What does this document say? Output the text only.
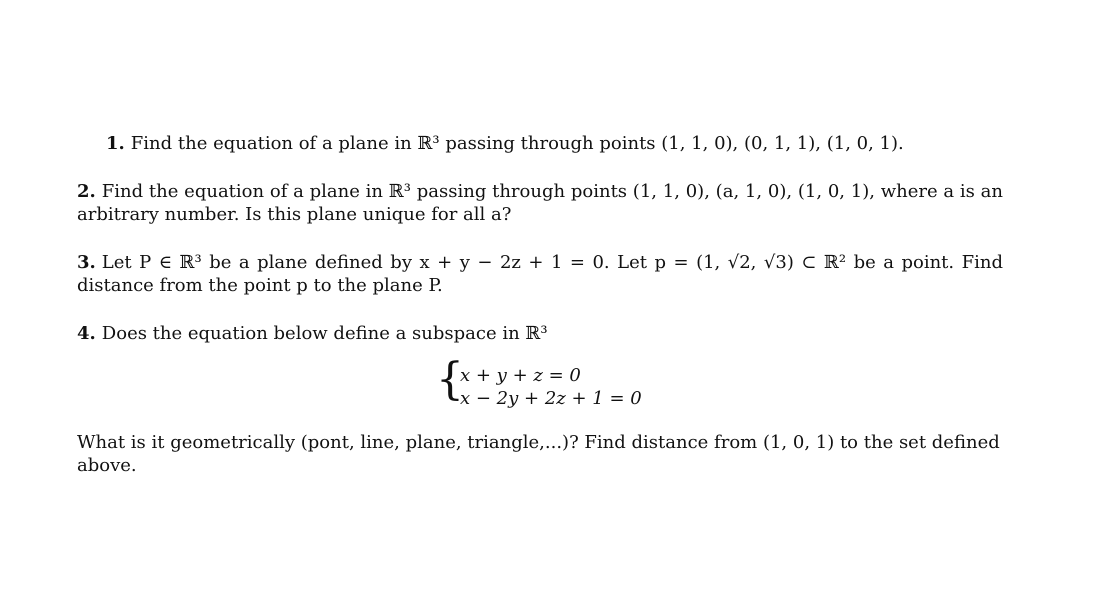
1. Find the equation of a plane in ℝ³ passing through points (1, 1, 0), (0, 1, 1), (1, 0, 1).
2. Find the equation of a plane in ℝ³ passing through points (1, 1, 0), (a, 1, 0), (1, 0, 1), where a is an arbitrary number. Is this plane unique for all a?
3. Let P ∈ ℝ³ be a plane defined by x + y − 2z + 1 = 0. Let p = (1, √2, √3) ⊂ ℝ² be a point. Find distance from the point p to the plane P.
4. Does the equation below define a subspace in ℝ³
{
x + y + z = 0
x − 2y + 2z + 1 = 0
What is it geometrically (pont, line, plane, triangle,...)? Find distance from (1, 0, 1) to the set defined above.
